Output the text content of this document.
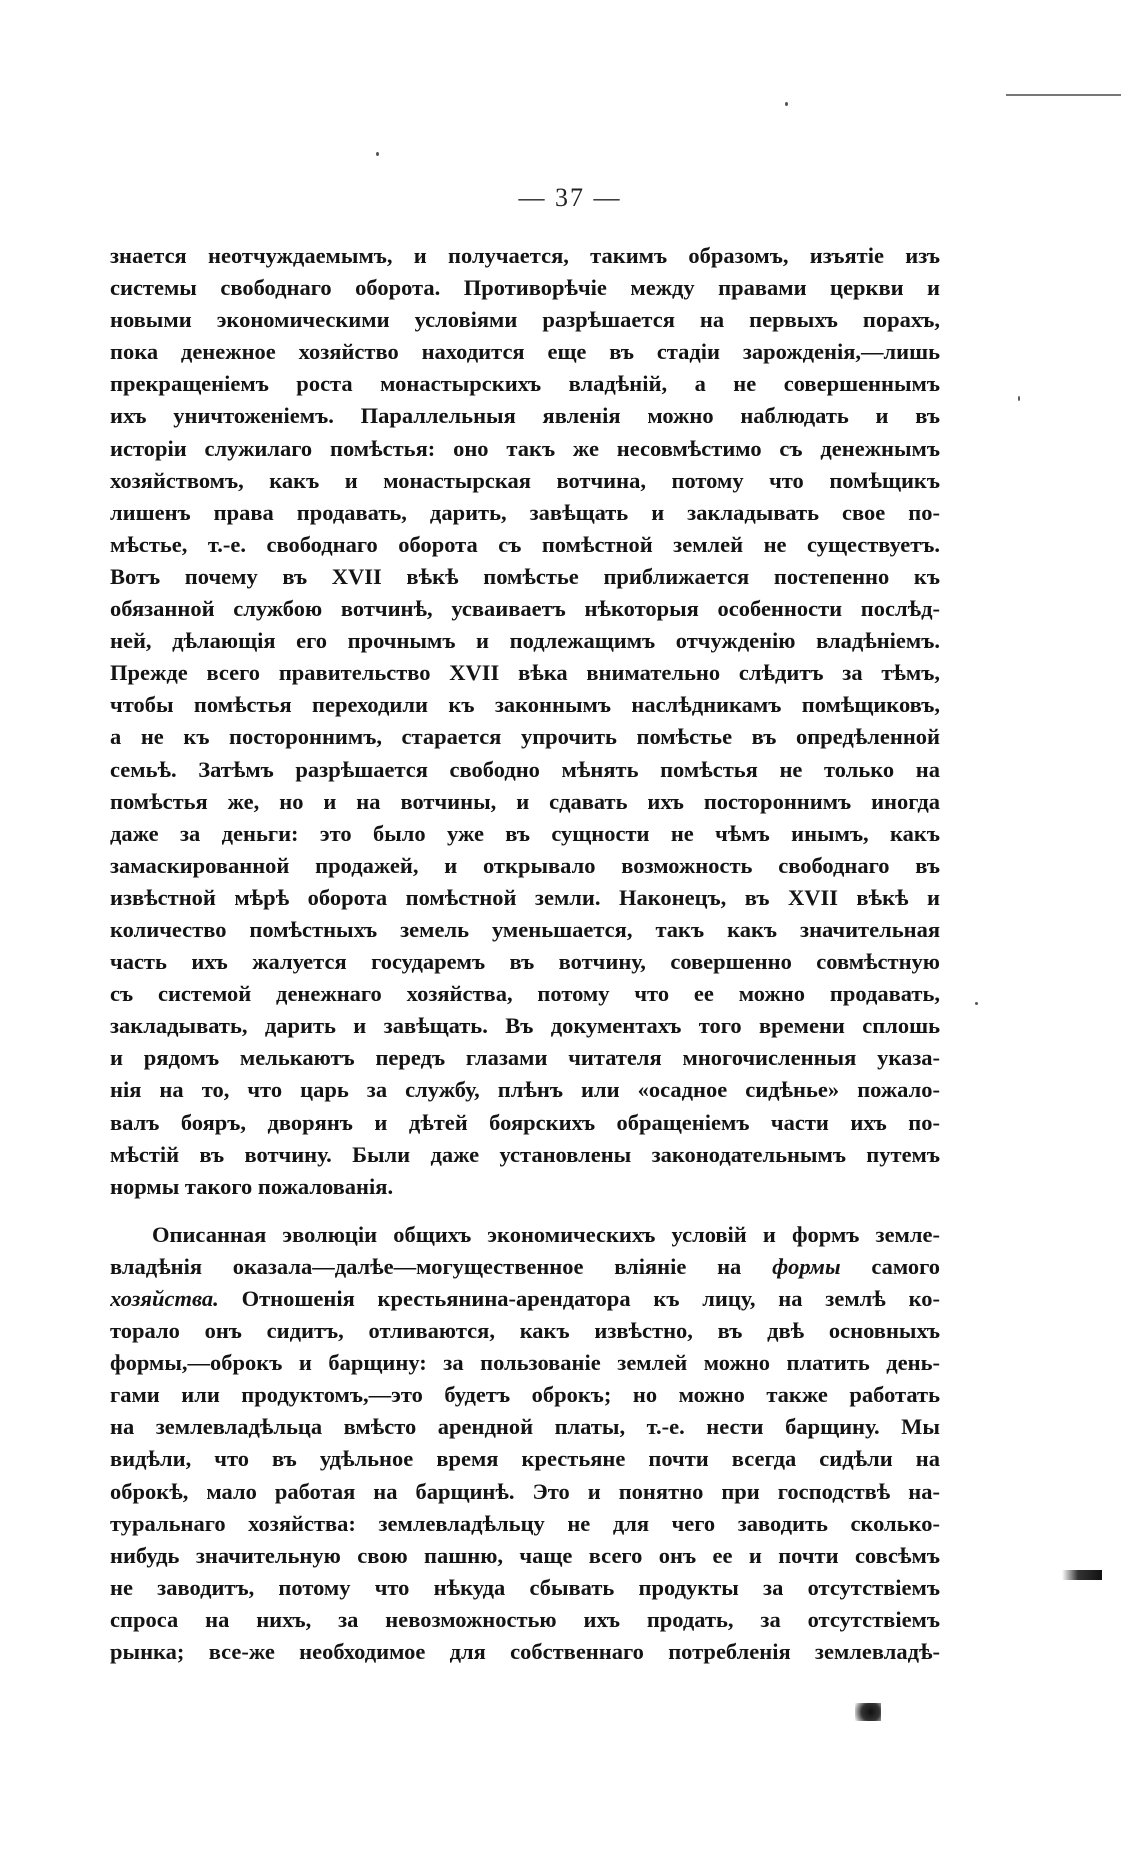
— 37 —
знается неотчуждаемымъ, и получается, такимъ образомъ, изъятіе изъ
системы свободнаго оборота. Противорѣчіе между правами церкви и
новыми экономическими условіями разрѣшается на первыхъ порахъ,
пока денежное хозяйство находится еще въ стадіи зарожденія,—лишь
прекращеніемъ роста монастырскихъ владѣній, а не совершеннымъ
ихъ уничтоженіемъ. Параллельныя явленія можно наблюдать и въ
исторіи служилаго помѣстья: оно такъ же несовмѣстимо съ денежнымъ
хозяйствомъ, какъ и монастырская вотчина, потому что помѣщикъ
лишенъ права продавать, дарить, завѣщать и закладывать свое по-
мѣстье, т.-е. свободнаго оборота съ помѣстной землей не существуетъ.
Вотъ почему въ XVII вѣкѣ помѣстье приближается постепенно къ
обязанной службою вотчинѣ, усваиваетъ нѣкоторыя особенности послѣд-
ней, дѣлающія его прочнымъ и подлежащимъ отчужденію владѣніемъ.
Прежде всего правительство XVII вѣка внимательно слѣдитъ за тѣмъ,
чтобы помѣстья переходили къ законнымъ наслѣдникамъ помѣщиковъ,
а не къ постороннимъ, старается упрочить помѣстье въ опредѣленной
семьѣ. Затѣмъ разрѣшается свободно мѣнять помѣстья не только на
помѣстья же, но и на вотчины, и сдавать ихъ постороннимъ иногда
даже за деньги: это было уже въ сущности не чѣмъ инымъ, какъ
замаскированной продажей, и открывало возможность свободнаго въ
извѣстной мѣрѣ оборота помѣстной земли. Наконецъ, въ XVII вѣкѣ и
количество помѣстныхъ земель уменьшается, такъ какъ значительная
часть ихъ жалуется государемъ въ вотчину, совершенно совмѣстную
съ системой денежнаго хозяйства, потому что ее можно продавать,
закладывать, дарить и завѣщать. Въ документахъ того времени сплошь
и рядомъ мелькаютъ передъ глазами читателя многочисленныя указа-
нія на то, что царь за службу, плѣнъ или «осадное сидѣнье» пожало-
валъ бояръ, дворянъ и дѣтей боярскихъ обращеніемъ части ихъ по-
мѣстій въ вотчину. Были даже установлены законодательнымъ путемъ
нормы такого пожалованія.
Описанная эволюціи общихъ экономическихъ условій и формъ земле-
владѣнія оказала—далѣе—могущественное вліяніе на формы самого
хозяйства. Отношенія крестьянина-арендатора къ лицу, на землѣ ко-
торало онъ сидитъ, отливаются, какъ извѣстно, въ двѣ основныхъ
формы,—оброкъ и барщину: за пользованіе землей можно платить день-
гами или продуктомъ,—это будетъ оброкъ; но можно также работать
на землевладѣльца вмѣсто арендной платы, т.-е. нести барщину. Мы
видѣли, что въ удѣльное время крестьяне почти всегда сидѣли на
оброкѣ, мало работая на барщинѣ. Это и понятно при господствѣ на-
туральнаго хозяйства: землевладѣльцу не для чего заводить сколько-
нибудь значительную свою пашню, чаще всего онъ ее и почти совсѣмъ
не заводитъ, потому что нѣкуда сбывать продукты за отсутствіемъ
спроса на нихъ, за невозможностью ихъ продать, за отсутствіемъ
рынка; все-же необходимое для собственнаго потребленія землевладѣ-
